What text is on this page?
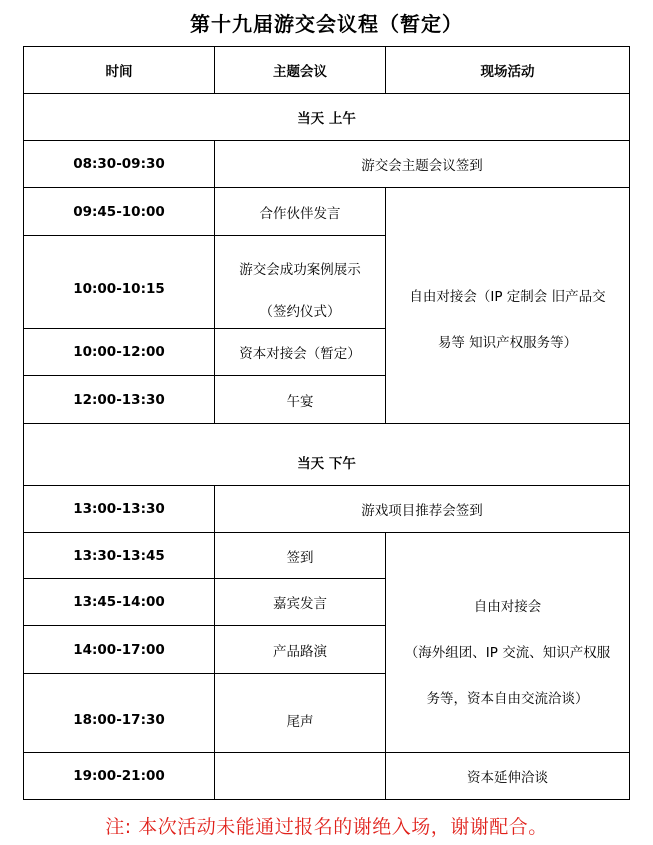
第十九届游交会议程（暂定）
时间	主题会议	现场活动
当天 上午		
08:30-09:30	游交会主题会议签到	
09:45-10:00	合作伙伴发言	自由对接会（IP 定制会 旧产品交
易等 知识产权服务等）

10:00-10:15	游交会成功案例展示
（签约仪式）	

10:00-12:00	资本对接会（暂定）	
12:00-13:30	午宴	

当天 下午		

13:00-13:30	游戏项目推荐会签到	
13:30-13:45	签到	自由对接会
（海外组团、IP 交流、知识产权服
务等，资本自由交流洽谈）

13:45-14:00	嘉宾发言	
14:00-17:00	产品路演	

18:00-17:30	尾声	

19:00-21:00		资本延伸洽谈
注: 本次活动未能通过报名的谢绝入场，谢谢配合。
